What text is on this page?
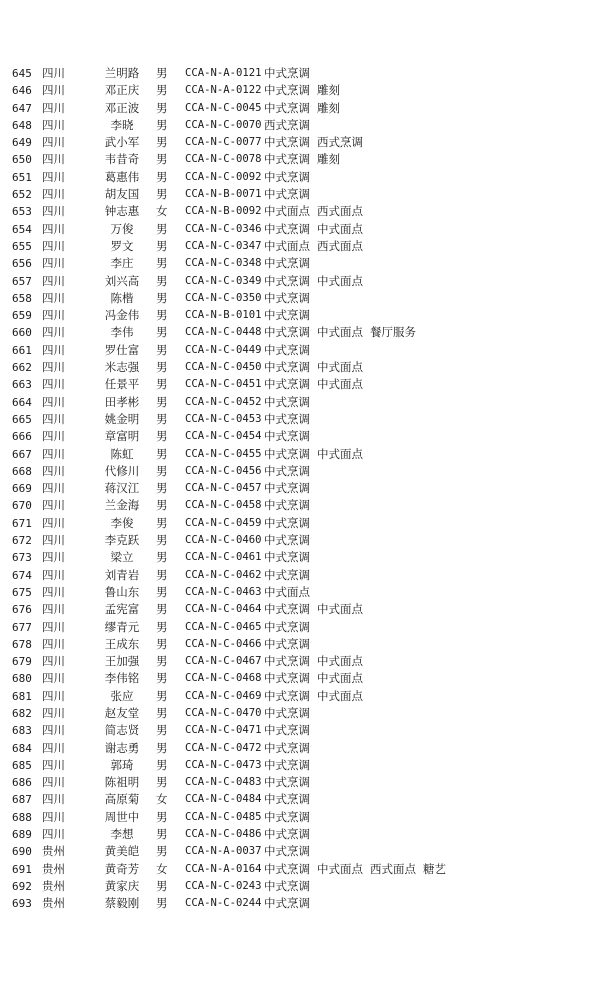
645 四川	兰明路	男 CCA-N-A-0121 中式烹调
646 四川	邓正庆	男 CCA-N-A-0122 中式烹调 雕刻
647 四川	邓正波	男 CCA-N-C-0045 中式烹调 雕刻
648 四川	李晓	男 CCA-N-C-0070 西式烹调
649 四川	武小军	男 CCA-N-C-0077 中式烹调 西式烹调
650 四川	韦昔奇	男 CCA-N-C-0078 中式烹调 雕刻
651 四川	葛惠伟	男 CCA-N-C-0092 中式烹调
652 四川	胡友国	男 CCA-N-B-0071 中式烹调
653 四川	钟志惠	女 CCA-N-B-0092 中式面点 西式面点
654 四川	万俊	男 CCA-N-C-0346 中式烹调 中式面点
655 四川	罗文	男 CCA-N-C-0347 中式面点 西式面点
656 四川	李庄	男 CCA-N-C-0348 中式烹调
657 四川	刘兴高	男 CCA-N-C-0349 中式烹调 中式面点
658 四川	陈楷	男 CCA-N-C-0350 中式烹调
659 四川	冯金伟	男 CCA-N-B-0101 中式烹调
660 四川	李伟	男 CCA-N-C-0448 中式烹调 中式面点 餐厅服务
661 四川	罗仕富	男 CCA-N-C-0449 中式烹调
662 四川	米志强	男 CCA-N-C-0450 中式烹调 中式面点
663 四川	任景平	男 CCA-N-C-0451 中式烹调 中式面点
664 四川	田孝彬	男 CCA-N-C-0452 中式烹调
665 四川	姚金明	男 CCA-N-C-0453 中式烹调
666 四川	章富明	男 CCA-N-C-0454 中式烹调
667 四川	陈虹	男 CCA-N-C-0455 中式烹调 中式面点
668 四川	代修川	男 CCA-N-C-0456 中式烹调
669 四川	蒋汉江	男 CCA-N-C-0457 中式烹调
670 四川	兰金海	男 CCA-N-C-0458 中式烹调
671 四川	李俊	男 CCA-N-C-0459 中式烹调
672 四川	李克跃	男 CCA-N-C-0460 中式烹调
673 四川	梁立	男 CCA-N-C-0461 中式烹调
674 四川	刘青岩	男 CCA-N-C-0462 中式烹调
675 四川	鲁山东	男 CCA-N-C-0463 中式面点
676 四川	孟宪富	男 CCA-N-C-0464 中式烹调 中式面点
677 四川	缪青元	男 CCA-N-C-0465 中式烹调
678 四川	王成东	男 CCA-N-C-0466 中式烹调
679 四川	王加强	男 CCA-N-C-0467 中式烹调 中式面点
680 四川	李伟铭	男 CCA-N-C-0468 中式烹调 中式面点
681 四川	张应	男 CCA-N-C-0469 中式烹调 中式面点
682 四川	赵友堂	男 CCA-N-C-0470 中式烹调
683 四川	简志贤	男 CCA-N-C-0471 中式烹调
684 四川	谢志勇	男 CCA-N-C-0472 中式烹调
685 四川	郭琦	男 CCA-N-C-0473 中式烹调
686 四川	陈祖明	男 CCA-N-C-0483 中式烹调
687 四川	高原菊	女 CCA-N-C-0484 中式烹调
688 四川	周世中	男 CCA-N-C-0485 中式烹调
689 四川	李想	男 CCA-N-C-0486 中式烹调
690 贵州	黄美皑	男 CCA-N-A-0037 中式烹调
691 贵州	黄奇芳	女 CCA-N-A-0164 中式烹调 中式面点 西式面点 糖艺
692 贵州	黄家庆	男 CCA-N-C-0243 中式烹调
693 贵州	蔡毅刚	男 CCA-N-C-0244 中式烹调
